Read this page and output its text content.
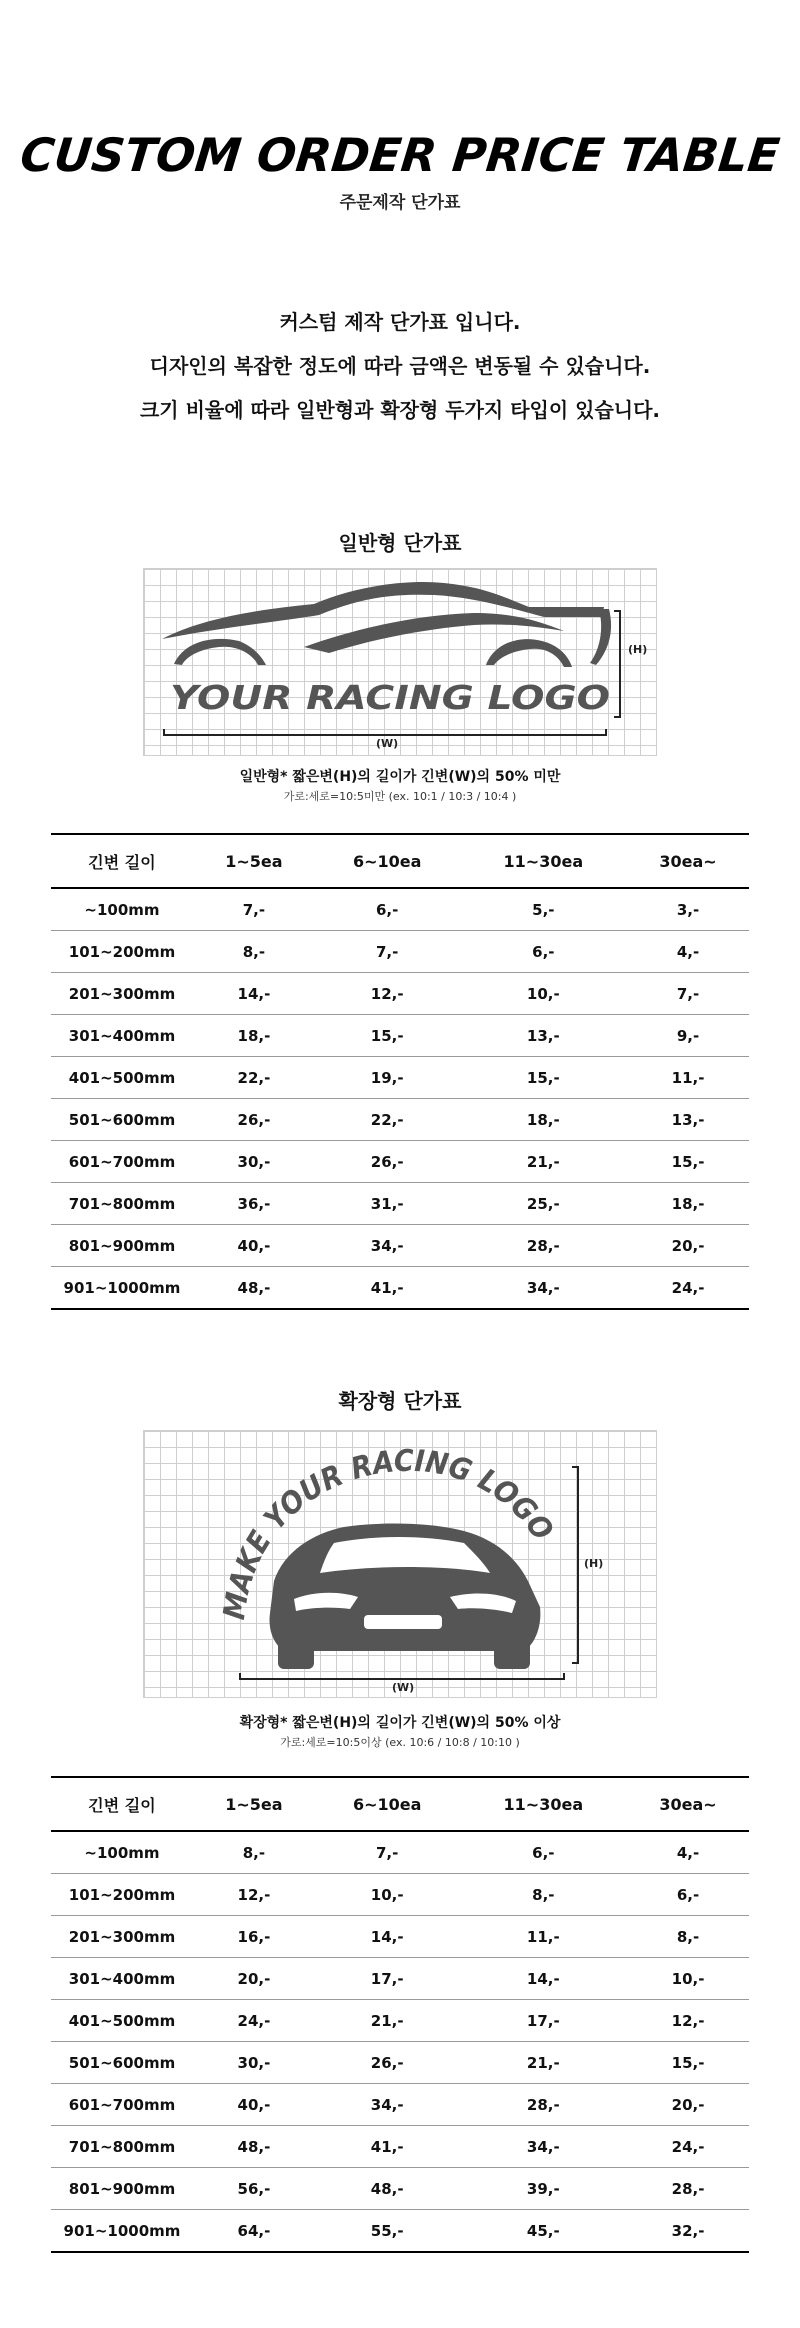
CUSTOM ORDER PRICE TABLE
주문제작 단가표
커스텀 제작 단가표 입니다.
디자인의 복잡한 정도에 따라 금액은 변동될 수 있습니다.
크기 비율에 따라 일반형과 확장형 두가지 타입이 있습니다.
일반형 단가표
YOUR RACING LOGO
(H)
(W)
일반형* 짧은변(H)의 길이가 긴변(W)의 50% 미만
가로:세로=10:5미만 (ex. 10:1 / 10:3 / 10:4 )
긴변 길이	1~5ea	6~10ea	11~30ea	30ea~
~100mm	7,-	6,-	5,-	3,-
101~200mm	8,-	7,-	6,-	4,-
201~300mm	14,-	12,-	10,-	7,-
301~400mm	18,-	15,-	13,-	9,-
401~500mm	22,-	19,-	15,-	11,-
501~600mm	26,-	22,-	18,-	13,-
601~700mm	30,-	26,-	21,-	15,-
701~800mm	36,-	31,-	25,-	18,-
801~900mm	40,-	34,-	28,-	20,-
901~1000mm	48,-	41,-	34,-	24,-
확장형 단가표
MAKE YOUR RACING LOGO
(H)
(W)
확장형* 짧은변(H)의 길이가 긴변(W)의 50% 이상
가로:세로=10:5이상 (ex. 10:6 / 10:8 / 10:10 )
긴변 길이	1~5ea	6~10ea	11~30ea	30ea~
~100mm	8,-	7,-	6,-	4,-
101~200mm	12,-	10,-	8,-	6,-
201~300mm	16,-	14,-	11,-	8,-
301~400mm	20,-	17,-	14,-	10,-
401~500mm	24,-	21,-	17,-	12,-
501~600mm	30,-	26,-	21,-	15,-
601~700mm	40,-	34,-	28,-	20,-
701~800mm	48,-	41,-	34,-	24,-
801~900mm	56,-	48,-	39,-	28,-
901~1000mm	64,-	55,-	45,-	32,-
